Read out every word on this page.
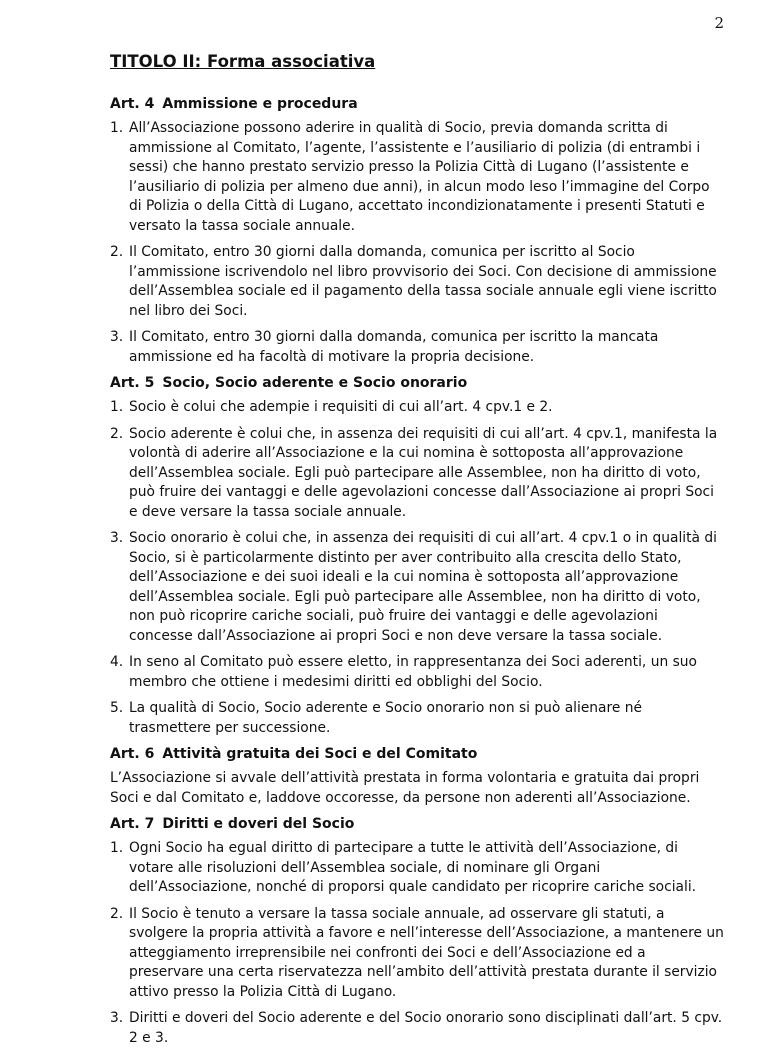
2
TITOLO II: Forma associativa
Art. 4 Ammissione e procedura
1. All’Associazione possono aderire in qualità di Socio, previa domanda scritta di ammissione al Comitato, l’agente, l’assistente e l’ausiliario di polizia (di entrambi i sessi) che hanno prestato servizio presso la Polizia Città di Lugano (l’assistente e l’ausiliario di polizia per almeno due anni), in alcun modo leso l’immagine del Corpo di Polizia o della Città di Lugano, accettato incondizionatamente i presenti Statuti e versato la tassa sociale annuale.
2. Il Comitato, entro 30 giorni dalla domanda, comunica per iscritto al Socio l’ammissione iscrivendolo nel libro provvisorio dei Soci. Con decisione di ammissione dell’Assemblea sociale ed il pagamento della tassa sociale annuale egli viene iscritto nel libro dei Soci.
3. Il Comitato, entro 30 giorni dalla domanda, comunica per iscritto la mancata ammissione ed ha facoltà di motivare la propria decisione.
Art. 5 Socio, Socio aderente e Socio onorario
1. Socio è colui che adempie i requisiti di cui all’art. 4 cpv.1 e 2.
2. Socio aderente è colui che, in assenza dei requisiti di cui all’art. 4 cpv.1, manifesta la volontà di aderire all’Associazione e la cui nomina è sottoposta all’approvazione dell’Assemblea sociale. Egli può partecipare alle Assemblee, non ha diritto di voto, può fruire dei vantaggi e delle agevolazioni concesse dall’Associazione ai propri Soci e deve versare la tassa sociale annuale.
3. Socio onorario è colui che, in assenza dei requisiti di cui all’art. 4 cpv.1 o in qualità di Socio, si è particolarmente distinto per aver contribuito alla crescita dello Stato, dell’Associazione e dei suoi ideali e la cui nomina è sottoposta all’approvazione dell’Assemblea sociale. Egli può partecipare alle Assemblee, non ha diritto di voto, non può ricoprire cariche sociali, può fruire dei vantaggi e delle agevolazioni concesse dall’Associazione ai propri Soci e non deve versare la tassa sociale.
4. In seno al Comitato può essere eletto, in rappresentanza dei Soci aderenti, un suo membro che ottiene i medesimi diritti ed obblighi del Socio.
5. La qualità di Socio, Socio aderente e Socio onorario non si può alienare né trasmettere per successione.
Art. 6 Attività gratuita dei Soci e del Comitato

L’Associazione si avvale dell’attività prestata in forma volontaria e gratuita dai propri Soci e dal Comitato e, laddove occoresse, da persone non aderenti all’Associazione.

Art. 7 Diritti e doveri del Socio
1. Ogni Socio ha egual diritto di partecipare a tutte le attività dell’Associazione, di votare alle risoluzioni dell’Assemblea sociale, di nominare gli Organi dell’Associazione, nonché di proporsi quale candidato per ricoprire cariche sociali.
2. Il Socio è tenuto a versare la tassa sociale annuale, ad osservare gli statuti, a svolgere la propria attività a favore e nell’interesse dell’Associazione, a mantenere un atteggiamento irreprensibile nei confronti dei Soci e dell’Associazione ed a preservare una certa riservatezza nell’ambito dell’attività prestata durante il servizio attivo presso la Polizia Città di Lugano.
3. Diritti e doveri del Socio aderente e del Socio onorario sono disciplinati dall’art. 5 cpv. 2 e 3.
